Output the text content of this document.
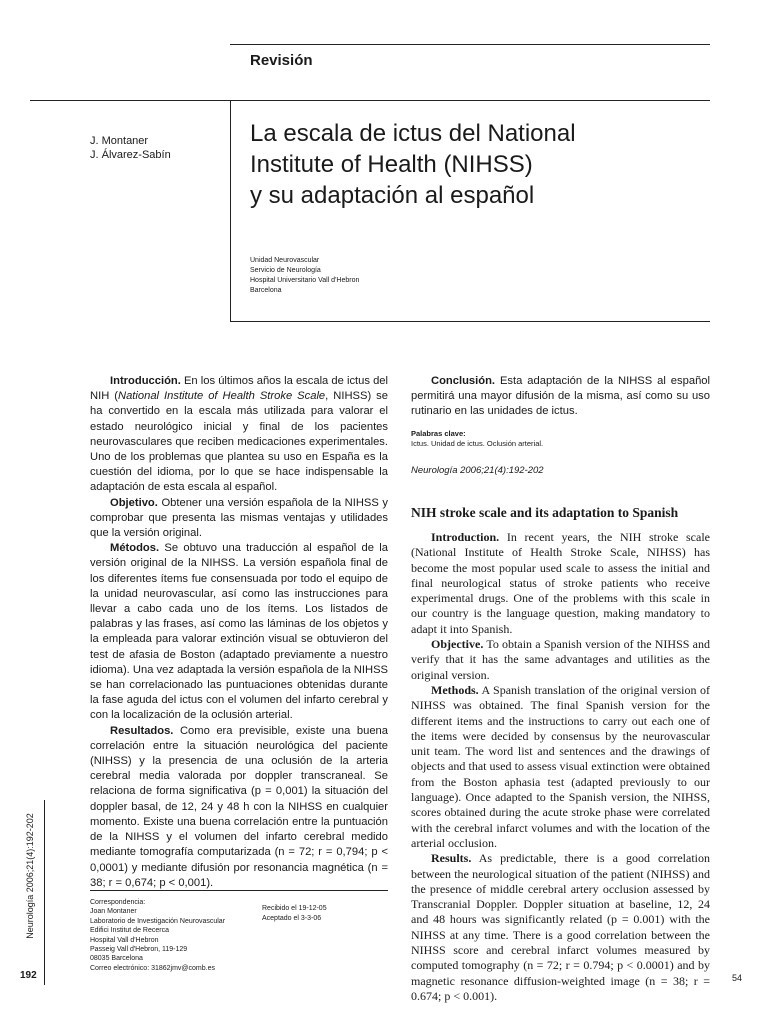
Revisión
J. Montaner
J. Álvarez-Sabín
La escala de ictus del National
Institute of Health (NIHSS)
y su adaptación al español
Unidad Neurovascular
Servicio de Neurología
Hospital Universitario Vall d'Hebron
Barcelona

Introducción. En los últimos años la escala de ictus del NIH (National Institute of Health Stroke Scale, NIHSS) se ha convertido en la escala más utilizada para valorar el estado neurológico inicial y final de los pacientes neurovasculares que reciben medicaciones experimentales. Uno de los problemas que plantea su uso en España es la cuestión del idioma, por lo que se hace indispensable la adaptación de esta escala al español.

Objetivo. Obtener una versión española de la NIHSS y comprobar que presenta las mismas ventajas y utilidades que la versión original.

Métodos. Se obtuvo una traducción al español de la versión original de la NIHSS. La versión española final de los diferentes ítems fue consensuada por todo el equipo de la unidad neurovascular, así como las instrucciones para llevar a cabo cada uno de los ítems. Los listados de palabras y las frases, así como las láminas de los objetos y la empleada para valorar extinción visual se obtuvieron del test de afasia de Boston (adaptado previamente a nuestro idioma). Una vez adaptada la versión española de la NIHSS se han correlacionado las puntuaciones obtenidas durante la fase aguda del ictus con el volumen del infarto cerebral y con la localización de la oclusión arterial.

Resultados. Como era previsible, existe una buena correlación entre la situación neurológica del paciente (NIHSS) y la presencia de una oclusión de la arteria cerebral media valorada por doppler transcraneal. Se relaciona de forma significativa (p = 0,001) la situación del doppler basal, de 12, 24 y 48 h con la NIHSS en cualquier momento. Existe una buena correlación entre la puntuación de la NIHSS y el volumen del infarto cerebral medido mediante tomografía computarizada (n = 72; r = 0,794; p < 0,0001) y mediante difusión por resonancia magnética (n = 38; r = 0,674; p < 0,001).

Conclusión. Esta adaptación de la NIHSS al español permitirá una mayor difusión de la misma, así como su uso rutinario en las unidades de ictus.

Palabras clave:
Ictus. Unidad de ictus. Oclusión arterial.
Neurología 2006;21(4):192-202
NIH stroke scale and its adaptation to Spanish

Introduction. In recent years, the NIH stroke scale (National Institute of Health Stroke Scale, NIHSS) has become the most popular used scale to assess the initial and final neurological status of stroke patients who receive experimental drugs. One of the problems with this scale in our country is the language question, making mandatory to adapt it into Spanish.

Objective. To obtain a Spanish version of the NIHSS and verify that it has the same advantages and utilities as the original version.

Methods. A Spanish translation of the original version of NIHSS was obtained. The final Spanish version for the different items and the instructions to carry out each one of the items were decided by consensus by the neurovascular unit team. The word list and sentences and the drawings of objects and that used to assess visual extinction were obtained from the Boston aphasia test (adapted previously to our language). Once adapted to the Spanish version, the NIHSS, scores obtained during the acute stroke phase were correlated with the cerebral infarct volumes and with the location of the arterial occlusion.

Results. As predictable, there is a good correlation between the neurological situation of the patient (NIHSS) and the presence of middle cerebral artery occlusion assessed by Transcranial Doppler. Doppler situation at baseline, 12, 24 and 48 hours was significantly related (p = 0.001) with the NIHSS at any time. There is a good correlation between the NIHSS score and cerebral infarct volumes measured by computed tomography (n = 72; r = 0.794; p < 0.0001) and by magnetic resonance diffusion-weighted image (n = 38; r = 0.674; p < 0.001).

Correspondencia:
Joan Montaner
Laboratorio de Investigación Neurovascular
Edifici Institut de Recerca
Hospital Vall d'Hebron
Passeig Vall d'Hebron, 119-129
08035 Barcelona
Correo electrónico: 31862jmv@comb.es
Recibido el 19-12-05
Aceptado el 3-3-06
Neurología 2006;21(4):192-202
192	54
